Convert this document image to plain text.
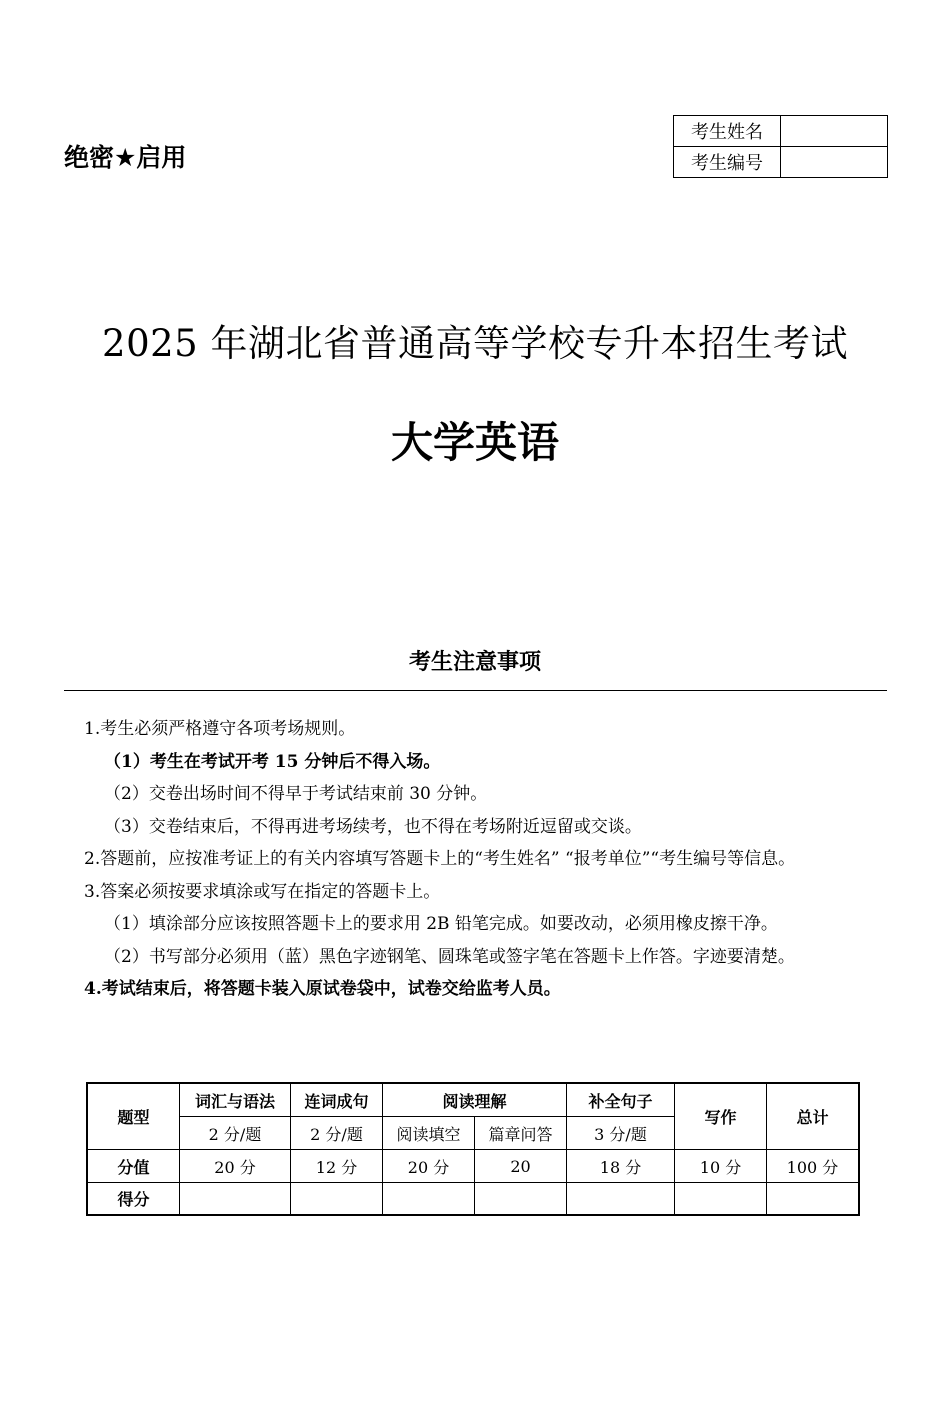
绝密★启用
考生姓名	
考生编号	
2025 年湖北省普通高等学校专升本招生考试
大学英语
考生注意事项
1.考生必须严格遵守各项考场规则。
（1）考生在考试开考 15 分钟后不得入场。
（2）交卷出场时间不得早于考试结束前 30 分钟。
（3）交卷结束后，不得再进考场续考，也不得在考场附近逗留或交谈。
2.答题前，应按准考证上的有关内容填写答题卡上的“考生姓名” “报考单位”“考生编号等信息。
3.答案必须按要求填涂或写在指定的答题卡上。
（1）填涂部分应该按照答题卡上的要求用 2B 铅笔完成。如要改动，必须用橡皮擦干净。
（2）书写部分必须用（蓝）黑色字迹钢笔、圆珠笔或签字笔在答题卡上作答。字迹要清楚。
4.考试结束后，将答题卡装入原试卷袋中，试卷交给监考人员。
题型	词汇与语法	连词成句	阅读理解		补全句子	写作	总计
	2 分/题	2 分/题	阅读填空	篇章问答	3 分/题		
分值	20 分	12 分	20 分	20	18 分	10 分	100 分
得分							
